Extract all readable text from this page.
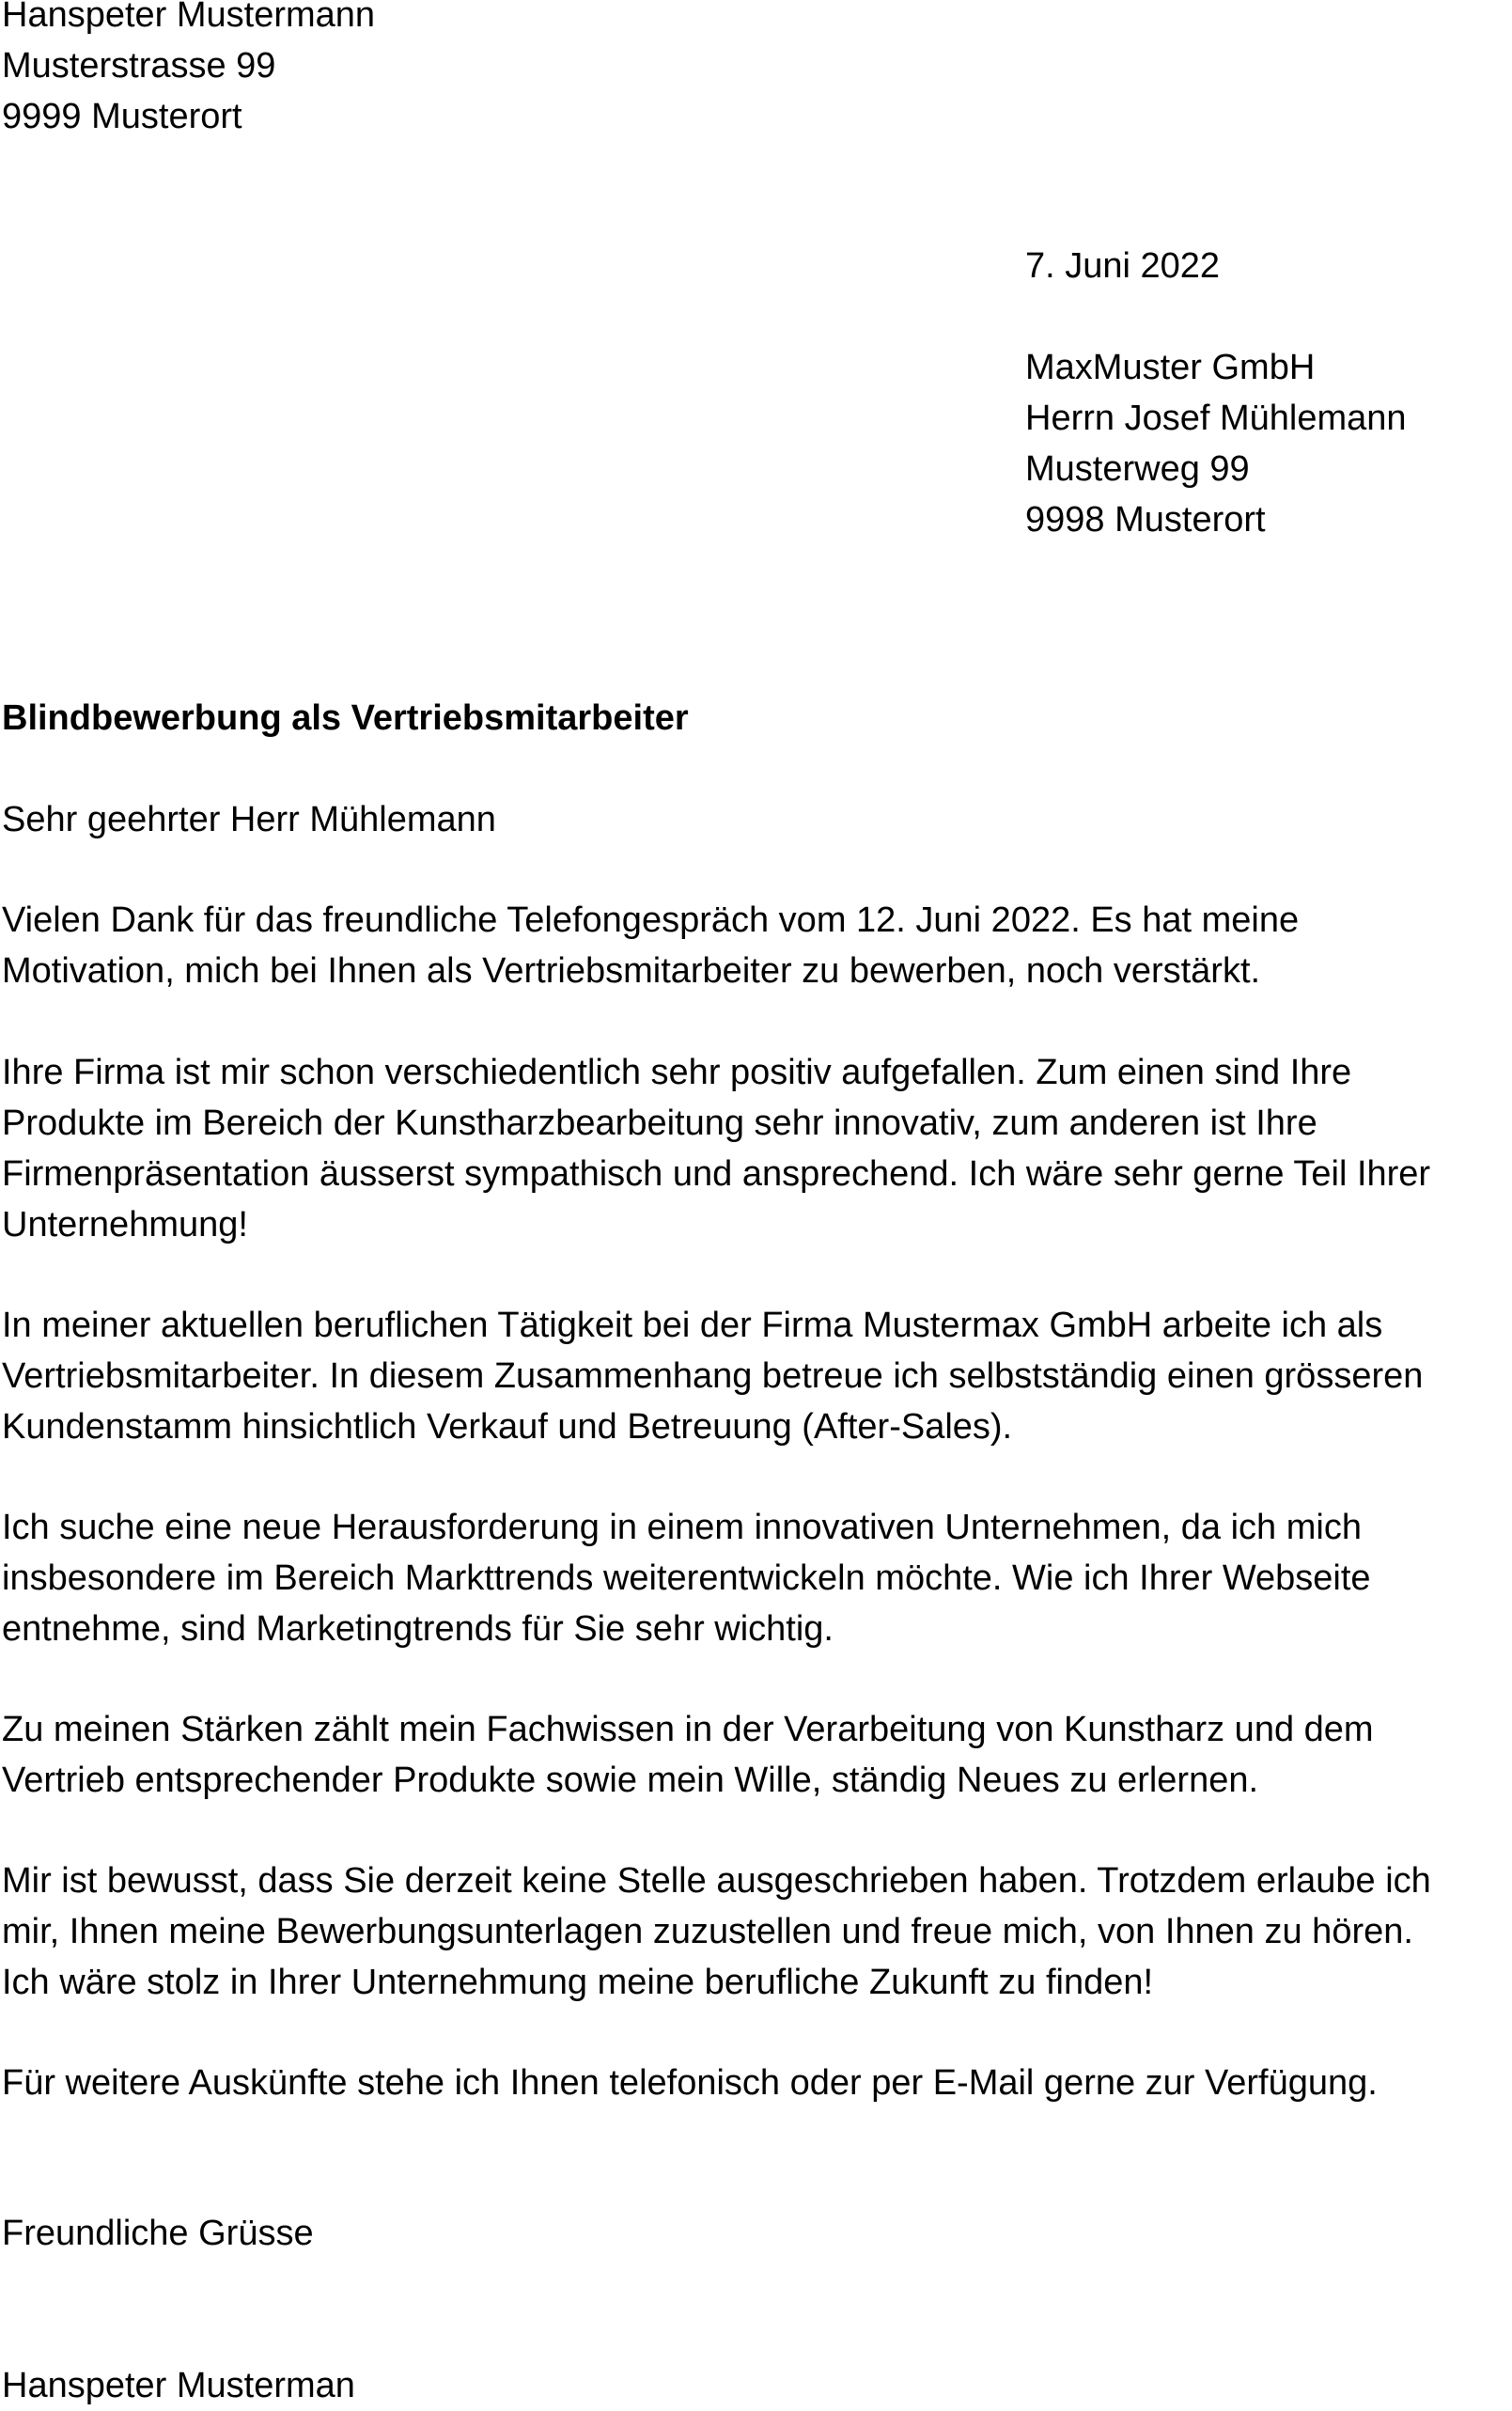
Hanspeter Mustermann
Musterstrasse 99
9999 Musterort
7. Juni 2022
MaxMuster GmbH
Herrn Josef Mühlemann
Musterweg 99
9998 Musterort
Blindbewerbung als Vertriebsmitarbeiter
Sehr geehrter Herr Mühlemann
Vielen Dank für das freundliche Telefongespräch vom 12. Juni 2022. Es hat meine
Motivation, mich bei Ihnen als Vertriebsmitarbeiter zu bewerben, noch verstärkt.
Ihre Firma ist mir schon verschiedentlich sehr positiv aufgefallen. Zum einen sind Ihre
Produkte im Bereich der Kunstharzbearbeitung sehr innovativ, zum anderen ist Ihre
Firmenpräsentation äusserst sympathisch und ansprechend. Ich wäre sehr gerne Teil Ihrer
Unternehmung!
In meiner aktuellen beruflichen Tätigkeit bei der Firma Mustermax GmbH arbeite ich als
Vertriebsmitarbeiter. In diesem Zusammenhang betreue ich selbstständig einen grösseren
Kundenstamm hinsichtlich Verkauf und Betreuung (After-Sales).
Ich suche eine neue Herausforderung in einem innovativen Unternehmen, da ich mich
insbesondere im Bereich Markttrends weiterentwickeln möchte. Wie ich Ihrer Webseite
entnehme, sind Marketingtrends für Sie sehr wichtig.
Zu meinen Stärken zählt mein Fachwissen in der Verarbeitung von Kunstharz und dem
Vertrieb entsprechender Produkte sowie mein Wille, ständig Neues zu erlernen.
Mir ist bewusst, dass Sie derzeit keine Stelle ausgeschrieben haben. Trotzdem erlaube ich
mir, Ihnen meine Bewerbungsunterlagen zuzustellen und freue mich, von Ihnen zu hören.
Ich wäre stolz in Ihrer Unternehmung meine berufliche Zukunft zu finden!
Für weitere Auskünfte stehe ich Ihnen telefonisch oder per E-Mail gerne zur Verfügung.
Freundliche Grüsse
Hanspeter Musterman
